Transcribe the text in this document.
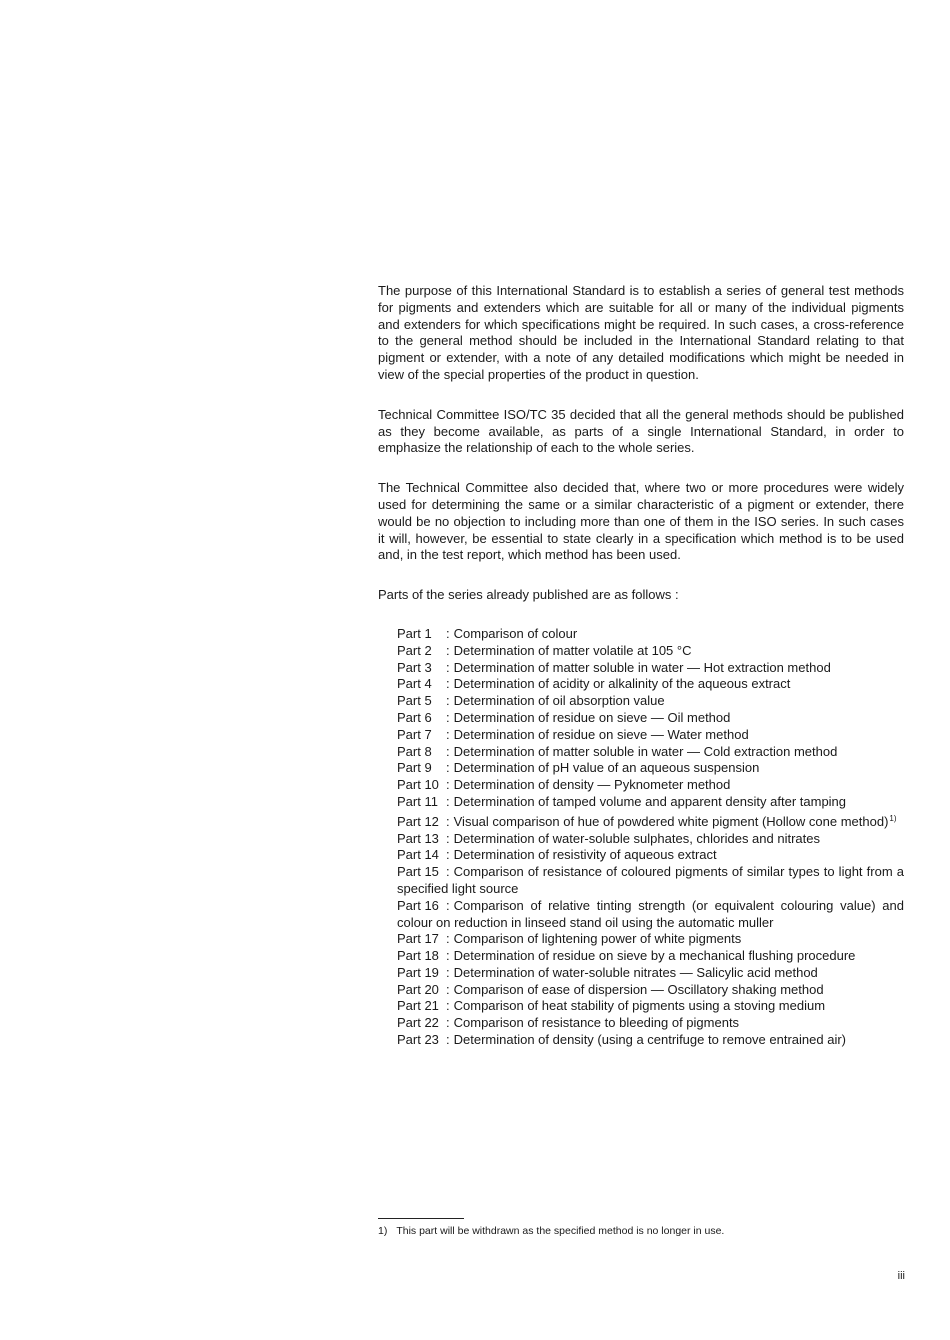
The purpose of this International Standard is to establish a series of general test methods for pigments and extenders which are suitable for all or many of the individual pigments and extenders for which specifications might be required. In such cases, a cross-reference to the general method should be included in the International Standard relating to that pigment or extender, with a note of any detailed modifications which might be needed in view of the special properties of the product in question.

Technical Committee ISO/TC 35 decided that all the general methods should be published as they become available, as parts of a single International Standard, in order to emphasize the relationship of each to the whole series.

The Technical Committee also decided that, where two or more procedures were widely used for determining the same or a similar characteristic of a pigment or extender, there would be no objection to including more than one of them in the ISO series. In such cases it will, however, be essential to state clearly in a specification which method is to be used and, in the test report, which method has been used.

Parts of the series already published are as follows :

Part 1 : Comparison of colour
Part 2 : Determination of matter volatile at 105 °C
Part 3 : Determination of matter soluble in water — Hot extraction method
Part 4 : Determination of acidity or alkalinity of the aqueous extract
Part 5 : Determination of oil absorption value
Part 6 : Determination of residue on sieve — Oil method
Part 7 : Determination of residue on sieve — Water method
Part 8 : Determination of matter soluble in water — Cold extraction method
Part 9 : Determination of pH value of an aqueous suspension
Part 10 : Determination of density — Pyknometer method
Part 11 : Determination of tamped volume and apparent density after tamping
Part 12 : Visual comparison of hue of powdered white pigment (Hollow cone method)$^{1)}$
Part 13 : Determination of water-soluble sulphates, chlorides and nitrates
Part 14 : Determination of resistivity of aqueous extract
Part 15 : Comparison of resistance of coloured pigments of similar types to light from a specified light source
Part 16 : Comparison of relative tinting strength (or equivalent colouring value) and colour on reduction in linseed stand oil using the automatic muller
Part 17 : Comparison of lightening power of white pigments
Part 18 : Determination of residue on sieve by a mechanical flushing procedure
Part 19 : Determination of water-soluble nitrates — Salicylic acid method
Part 20 : Comparison of ease of dispersion — Oscillatory shaking method
Part 21 : Comparison of heat stability of pigments using a stoving medium
Part 22 : Comparison of resistance to bleeding of pigments
Part 23 : Determination of density (using a centrifuge to remove entrained air)
1) This part will be withdrawn as the specified method is no longer in use.
iii
